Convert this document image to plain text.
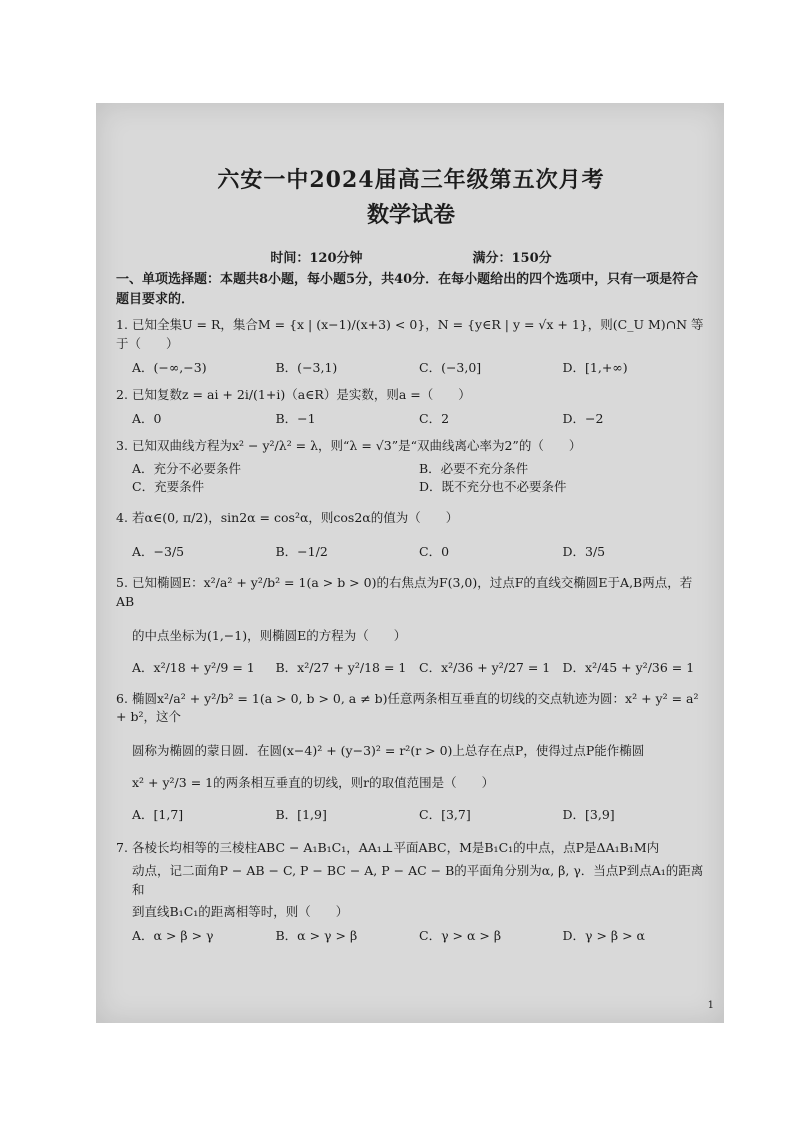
六安一中2024届高三年级第五次月考
数学试卷
时间：120分钟	满分：150分
一、单项选择题：本题共8小题，每小题5分，共40分．在每小题给出的四个选项中，只有一项是符合题目要求的．
1. 已知全集U = R，集合M = {x | (x−1)/(x+3) < 0}，N = {y∈R | y = √x + 1}，则(C_U M)∩N 等于（　　）
A．(−∞,−3)	B．(−3,1)	C．(−3,0]	D．[1,+∞)
2. 已知复数z = ai + 2i/(1+i)（a∈R）是实数，则a =（　　）
A．0	B．−1	C．2	D．−2
3. 已知双曲线方程为x² − y²/λ² = λ，则“λ = √3”是“双曲线离心率为2”的（　　）
A．充分不必要条件	B．必要不充分条件
C．充要条件	D．既不充分也不必要条件
4. 若α∈(0, π/2)，sin2α = cos²α，则cos2α的值为（　　）
A．−3/5	B．−1/2	C．0	D．3/5
5. 已知椭圆E：x²/a² + y²/b² = 1(a > b > 0)的右焦点为F(3,0)，过点F的直线交椭圆E于A,B两点，若AB
的中点坐标为(1,−1)，则椭圆E的方程为（　　）
A．x²/18 + y²/9 = 1	B．x²/27 + y²/18 = 1	C．x²/36 + y²/27 = 1 D．x²/45 + y²/36 = 1
6. 椭圆x²/a² + y²/b² = 1(a > 0, b > 0, a ≠ b)任意两条相互垂直的切线的交点轨迹为圆：x² + y² = a² + b²，这个
圆称为椭圆的蒙日圆．在圆(x−4)² + (y−3)² = r²(r > 0)上总存在点P，使得过点P能作椭圆
x² + y²/3 = 1的两条相互垂直的切线，则r的取值范围是（　　）
A．[1,7]	B．[1,9]	C．[3,7]	D．[3,9]
7. 各棱长均相等的三棱柱ABC − A₁B₁C₁，AA₁⊥平面ABC，M是B₁C₁的中点，点P是ΔA₁B₁M内
动点，记二面角P − AB − C, P − BC − A, P − AC − B的平面角分别为α, β, γ．当点P到点A₁的距离和
到直线B₁C₁的距离相等时，则（　　）
A．α > β > γ	B．α > γ > β	C．γ > α > β	D．γ > β > α
1
